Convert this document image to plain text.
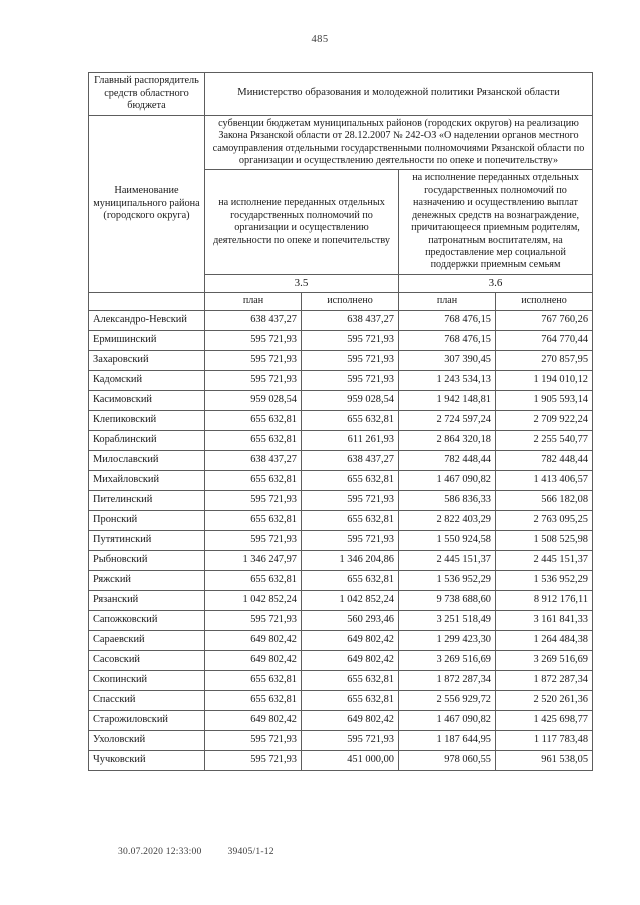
485
Главный распорядитель средств областного бюджета	Министерство образования и молодежной политики Рязанской области			
Наименование муниципального района (городского округа)	субвенции бюджетам муниципальных районов (городских округов) на реализацию Закона Рязанской области от 28.12.2007 № 242-ОЗ «О наделении органов местного самоуправления отдельными государственными полномочиями Рязанской области по организации и осуществлению деятельности по опеке и попечительству»			
	на исполнение переданных отдельных государственных полномочий по организации и осуществлению деятельности по опеке и попечительству		на исполнение переданных отдельных государственных полномочий по назначению и осуществлению выплат денежных средств на вознаграждение, причитающееся приемным родителям, патронатным воспитателям, на предоставление мер социальной поддержки приемным семьям	
	3.5		3.6	
	план	исполнено	план	исполнено
Александро-Невский	638 437,27	638 437,27	768 476,15	767 760,26
Ермишинский	595 721,93	595 721,93	768 476,15	764 770,44
Захаровский	595 721,93	595 721,93	307 390,45	270 857,95
Кадомский	595 721,93	595 721,93	1 243 534,13	1 194 010,12
Касимовский	959 028,54	959 028,54	1 942 148,81	1 905 593,14
Клепиковский	655 632,81	655 632,81	2 724 597,24	2 709 922,24
Кораблинский	655 632,81	611 261,93	2 864 320,18	2 255 540,77
Милославский	638 437,27	638 437,27	782 448,44	782 448,44
Михайловский	655 632,81	655 632,81	1 467 090,82	1 413 406,57
Пителинский	595 721,93	595 721,93	586 836,33	566 182,08
Пронский	655 632,81	655 632,81	2 822 403,29	2 763 095,25
Путятинский	595 721,93	595 721,93	1 550 924,58	1 508 525,98
Рыбновский	1 346 247,97	1 346 204,86	2 445 151,37	2 445 151,37
Ряжский	655 632,81	655 632,81	1 536 952,29	1 536 952,29
Рязанский	1 042 852,24	1 042 852,24	9 738 688,60	8 912 176,11
Сапожковский	595 721,93	560 293,46	3 251 518,49	3 161 841,33
Сараевский	649 802,42	649 802,42	1 299 423,30	1 264 484,38
Сасовский	649 802,42	649 802,42	3 269 516,69	3 269 516,69
Скопинский	655 632,81	655 632,81	1 872 287,34	1 872 287,34
Спасский	655 632,81	655 632,81	2 556 929,72	2 520 261,36
Старожиловский	649 802,42	649 802,42	1 467 090,82	1 425 698,77
Ухоловский	595 721,93	595 721,93	1 187 644,95	1 117 783,48
Чучковский	595 721,93	451 000,00	978 060,55	961 538,05
30.07.2020 12:33:00	39405/1-12
